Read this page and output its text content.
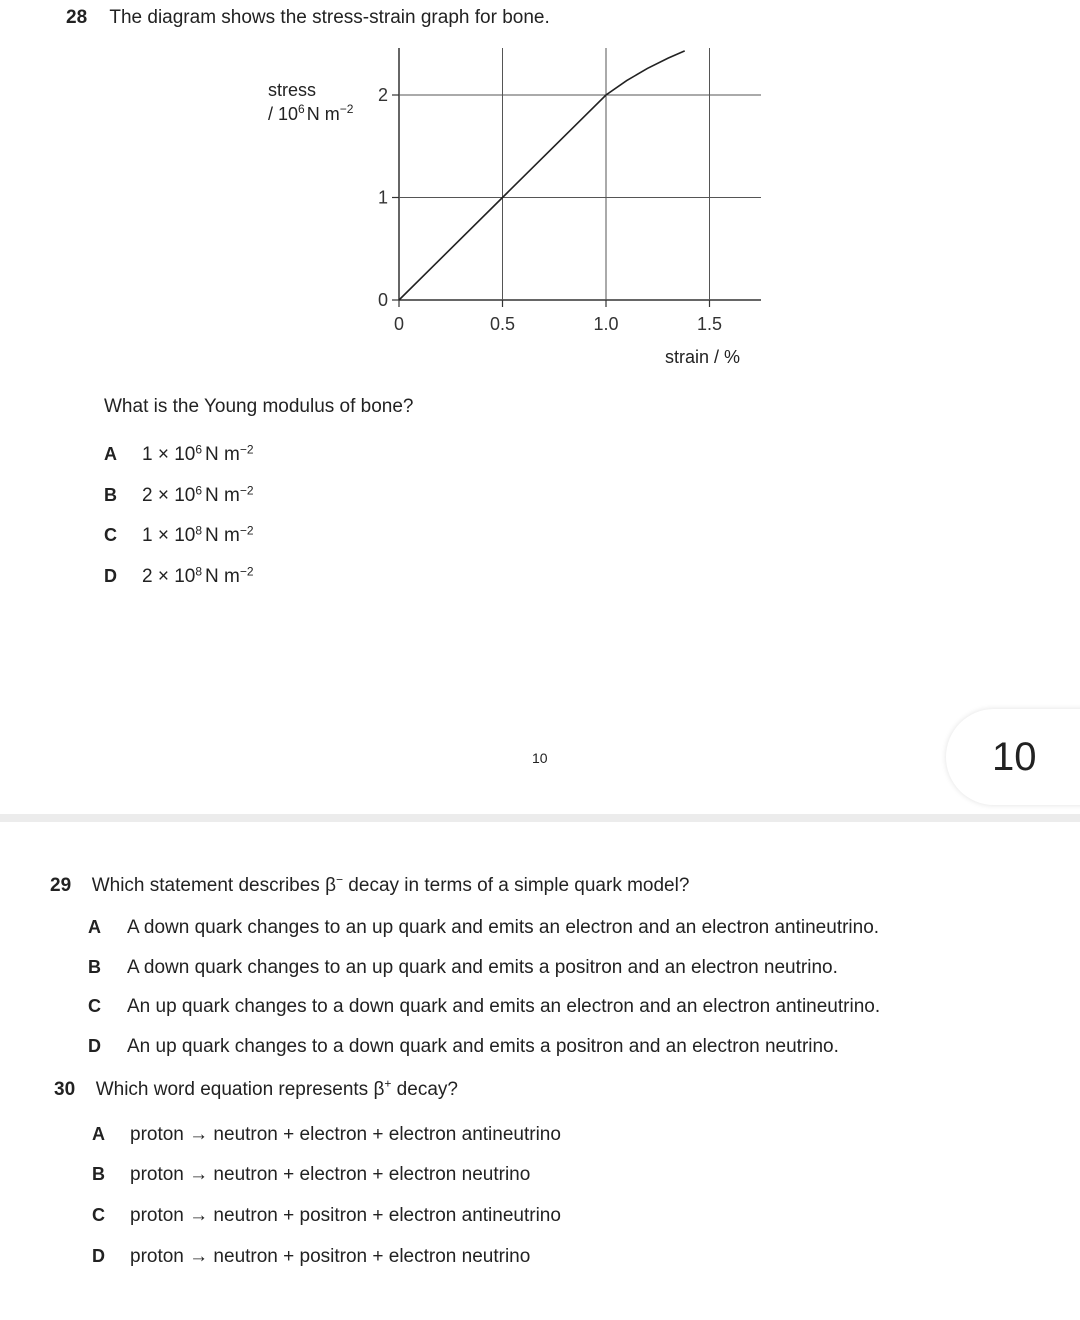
28 The diagram shows the stress-strain graph for bone.
stress
/ $10^6$ N $m^{-2}$
0	0.5	1.0	1.5
0
1
2
strain / %
What is the Young modulus of bone?
A $1 \times 10^6$ N $m^{-2}$
B $2 \times 10^6$ N $m^{-2}$
C $1 \times 10^8$ N $m^{-2}$
D $2 \times 10^8$ N $m^{-2}$
10	10
29 Which statement describes β− decay in terms of a simple quark model?
A A down quark changes to an up quark and emits an electron and an electron antineutrino.
B A down quark changes to an up quark and emits a positron and an electron neutrino.
C An up quark changes to a down quark and emits an electron and an electron antineutrino.
D An up quark changes to a down quark and emits a positron and an electron neutrino.
30 Which word equation represents β+ decay?
A proton → neutron + electron + electron antineutrino
B proton → neutron + electron + electron neutrino
C proton → neutron + positron + electron antineutrino
D proton → neutron + positron + electron neutrino
